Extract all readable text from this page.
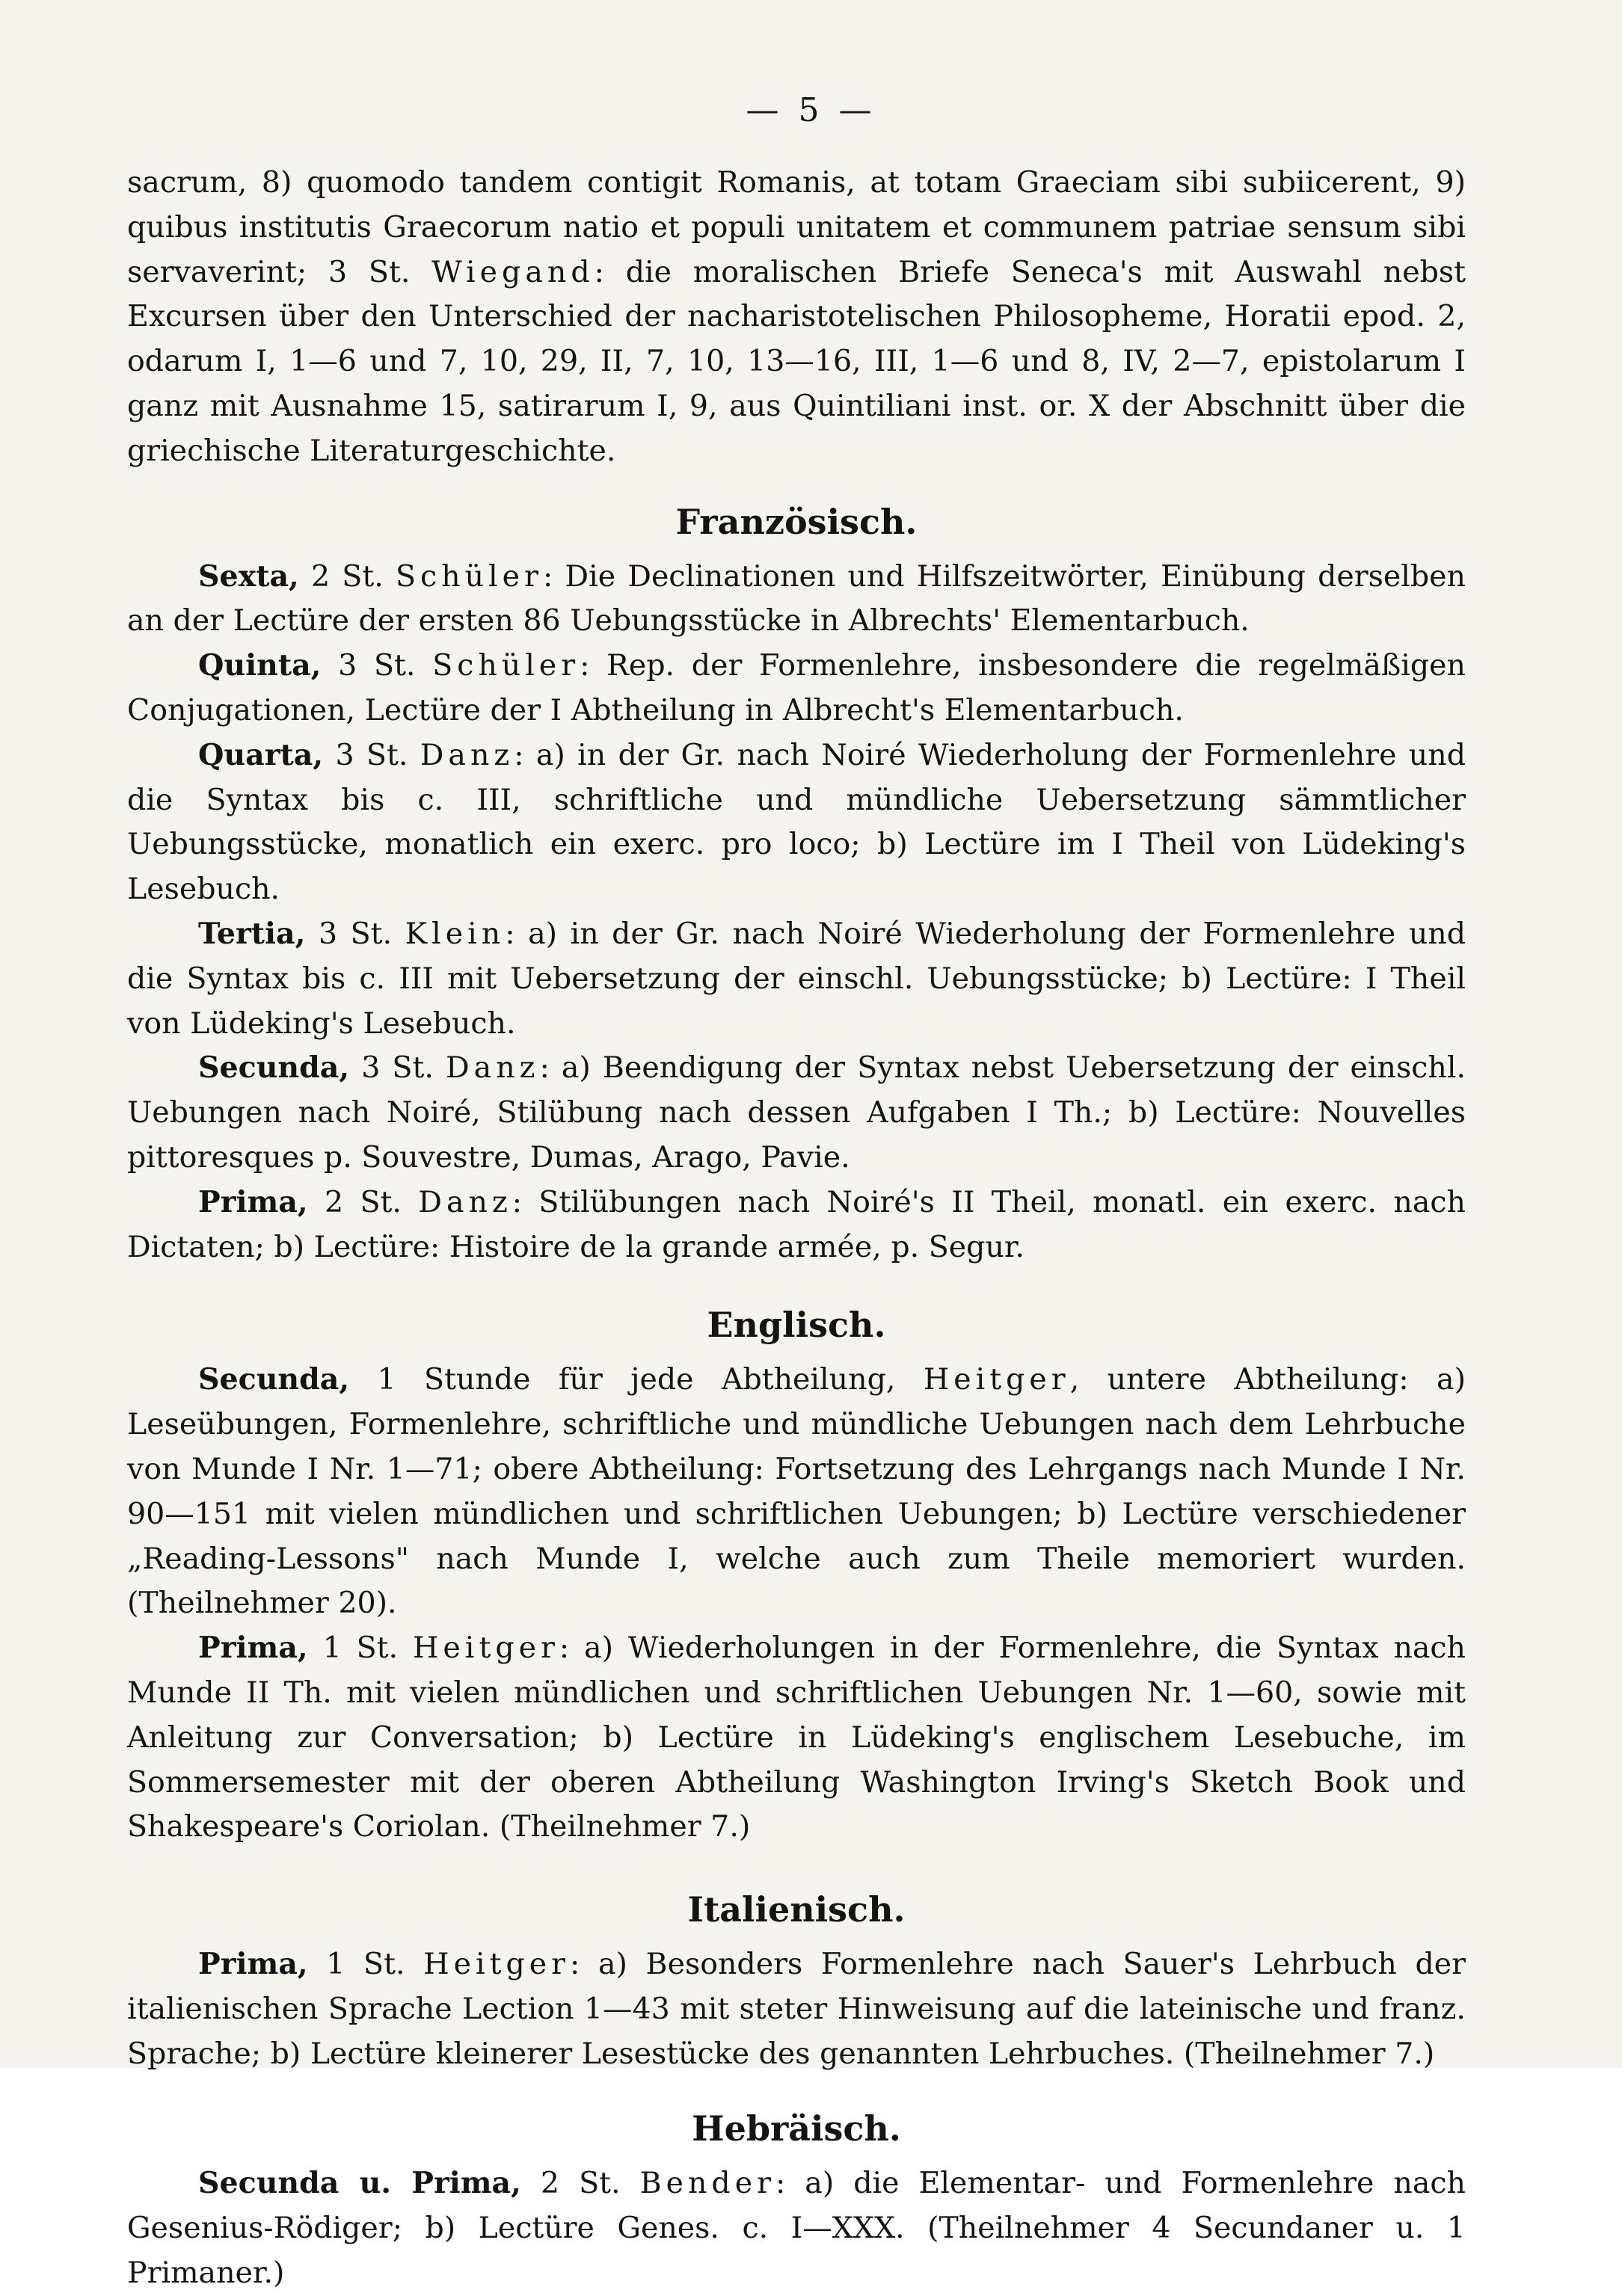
— 5 —

sacrum, 8) quomodo tandem contigit Romanis, at totam Graeciam sibi subiicerent, 9) quibus institutis Graecorum natio et populi unitatem et communem patriae sensum sibi servaverint; 3 St. Wiegand: die moralischen Briefe Seneca's mit Auswahl nebst Excursen über den Unterschied der nacharistotelischen Philosopheme, Horatii epod. 2, odarum I, 1—6 und 7, 10, 29, II, 7, 10, 13—16, III, 1—6 und 8, IV, 2—7, epistolarum I ganz mit Ausnahme 15, satirarum I, 9, aus Quintiliani inst. or. X der Abschnitt über die griechische Literaturgeschichte.

Französisch.

Sexta, 2 St. Schüler: Die Declinationen und Hilfszeitwörter, Einübung derselben an der Lectüre der ersten 86 Uebungsstücke in Albrechts' Elementarbuch.

Quinta, 3 St. Schüler: Rep. der Formenlehre, insbesondere die regelmäßigen Conjugationen, Lectüre der I Abtheilung in Albrecht's Elementarbuch.

Quarta, 3 St. Danz: a) in der Gr. nach Noiré Wiederholung der Formenlehre und die Syntax bis c. III, schriftliche und mündliche Uebersetzung sämmtlicher Uebungsstücke, monatlich ein exerc. pro loco; b) Lectüre im I Theil von Lüdeking's Lesebuch.

Tertia, 3 St. Klein: a) in der Gr. nach Noiré Wiederholung der Formenlehre und die Syntax bis c. III mit Uebersetzung der einschl. Uebungsstücke; b) Lectüre: I Theil von Lüdeking's Lesebuch.

Secunda, 3 St. Danz: a) Beendigung der Syntax nebst Uebersetzung der einschl. Uebungen nach Noiré, Stilübung nach dessen Aufgaben I Th.; b) Lectüre: Nouvelles pittoresques p. Souvestre, Dumas, Arago, Pavie.

Prima, 2 St. Danz: Stilübungen nach Noiré's II Theil, monatl. ein exerc. nach Dictaten; b) Lectüre: Histoire de la grande armée, p. Segur.

Englisch.

Secunda, 1 Stunde für jede Abtheilung, Heitger, untere Abtheilung: a) Leseübungen, Formenlehre, schriftliche und mündliche Uebungen nach dem Lehrbuche von Munde I Nr. 1—71; obere Abtheilung: Fortsetzung des Lehrgangs nach Munde I Nr. 90—151 mit vielen mündlichen und schriftlichen Uebungen; b) Lectüre verschiedener „Reading-Lessons" nach Munde I, welche auch zum Theile memoriert wurden. (Theilnehmer 20).

Prima, 1 St. Heitger: a) Wiederholungen in der Formenlehre, die Syntax nach Munde II Th. mit vielen mündlichen und schriftlichen Uebungen Nr. 1—60, sowie mit Anleitung zur Conversation; b) Lectüre in Lüdeking's englischem Lesebuche, im Sommersemester mit der oberen Abtheilung Washington Irving's Sketch Book und Shakespeare's Coriolan. (Theilnehmer 7.)

Italienisch.

Prima, 1 St. Heitger: a) Besonders Formenlehre nach Sauer's Lehrbuch der italienischen Sprache Lection 1—43 mit steter Hinweisung auf die lateinische und franz. Sprache; b) Lectüre kleinerer Lesestücke des genannten Lehrbuches. (Theilnehmer 7.)

Hebräisch.

Secunda u. Prima, 2 St. Bender: a) die Elementar- und Formenlehre nach Gesenius-Rödiger; b) Lectüre Genes. c. I—XXX. (Theilnehmer 4 Secundaner u. 1 Primaner.)
